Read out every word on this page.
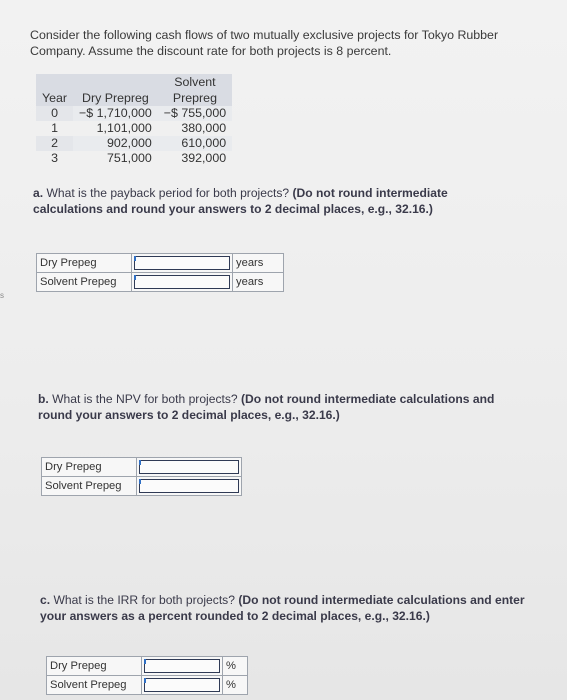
Consider the following cash flows of two mutually exclusive projects for Tokyo Rubber Company. Assume the discount rate for both projects is 8 percent.
Year	Dry Prepreg	Solvent
		Prepreg
0	−$ 1,710,000	−$ 755,000
1	1,101,000	380,000
2	902,000	610,000
3	751,000	392,000
a. What is the payback period for both projects? (Do not round intermediate calculations and round your answers to 2 decimal places, e.g., 32.16.)
Dry Prepeg		years
Solvent Prepeg		years
s
b. What is the NPV for both projects? (Do not round intermediate calculations and round your answers to 2 decimal places, e.g., 32.16.)
Dry Prepeg	

Solvent Prepeg	
c. What is the IRR for both projects? (Do not round intermediate calculations and enter your answers as a percent rounded to 2 decimal places, e.g., 32.16.)
Dry Prepeg		%
Solvent Prepeg		%
